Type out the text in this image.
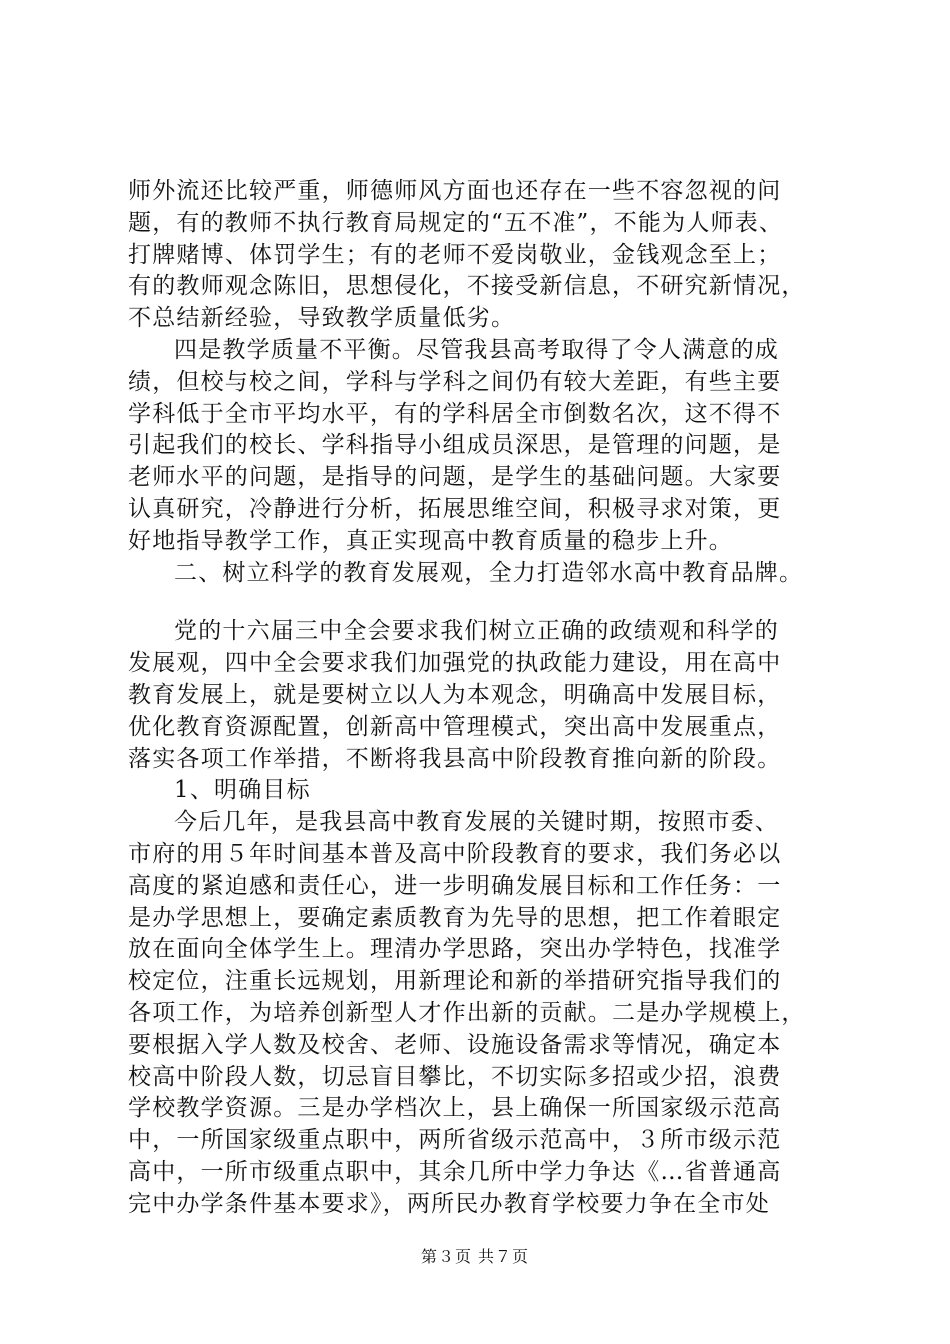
师外流还比较严重，师德师风方面也还存在一些不容忽视的问
题，有的教师不执行教育局规定的“五不准”，不能为人师表、
打牌赌博、体罚学生；有的老师不爱岗敬业，金钱观念至上；
有的教师观念陈旧，思想侵化，不接受新信息，不研究新情况，
不总结新经验，导致教学质量低劣。
四是教学质量不平衡。尽管我县高考取得了令人满意的成
绩，但校与校之间，学科与学科之间仍有较大差距，有些主要
学科低于全市平均水平，有的学科居全市倒数名次，这不得不
引起我们的校长、学科指导小组成员深思，是管理的问题，是
老师水平的问题，是指导的问题，是学生的基础问题。大家要
认真研究，冷静进行分析，拓展思维空间，积极寻求对策，更
好地指导教学工作，真正实现高中教育质量的稳步上升。
二、树立科学的教育发展观，全力打造邻水高中教育品牌。
党的十六届三中全会要求我们树立正确的政绩观和科学的
发展观，四中全会要求我们加强党的执政能力建设，用在高中
教育发展上，就是要树立以人为本观念，明确高中发展目标，
优化教育资源配置，创新高中管理模式，突出高中发展重点，
落实各项工作举措，不断将我县高中阶段教育推向新的阶段。
1、明确目标
今后几年，是我县高中教育发展的关键时期，按照市委、
市府的用５年时间基本普及高中阶段教育的要求，我们务必以
高度的紧迫感和责任心，进一步明确发展目标和工作任务：一
是办学思想上，要确定素质教育为先导的思想，把工作着眼定
放在面向全体学生上。理清办学思路，突出办学特色，找准学
校定位，注重长远规划，用新理论和新的举措研究指导我们的
各项工作，为培养创新型人才作出新的贡献。二是办学规模上，
要根据入学人数及校舍、老师、设施设备需求等情况，确定本
校高中阶段人数，切忌盲目攀比，不切实际多招或少招，浪费
学校教学资源。三是办学档次上，县上确保一所国家级示范高
中，一所国家级重点职中，两所省级示范高中，３所市级示范
高中，一所市级重点职中，其余几所中学力争达《…省普通高
完中办学条件基本要求》，两所民办教育学校要力争在全市处
第３页 共７页
